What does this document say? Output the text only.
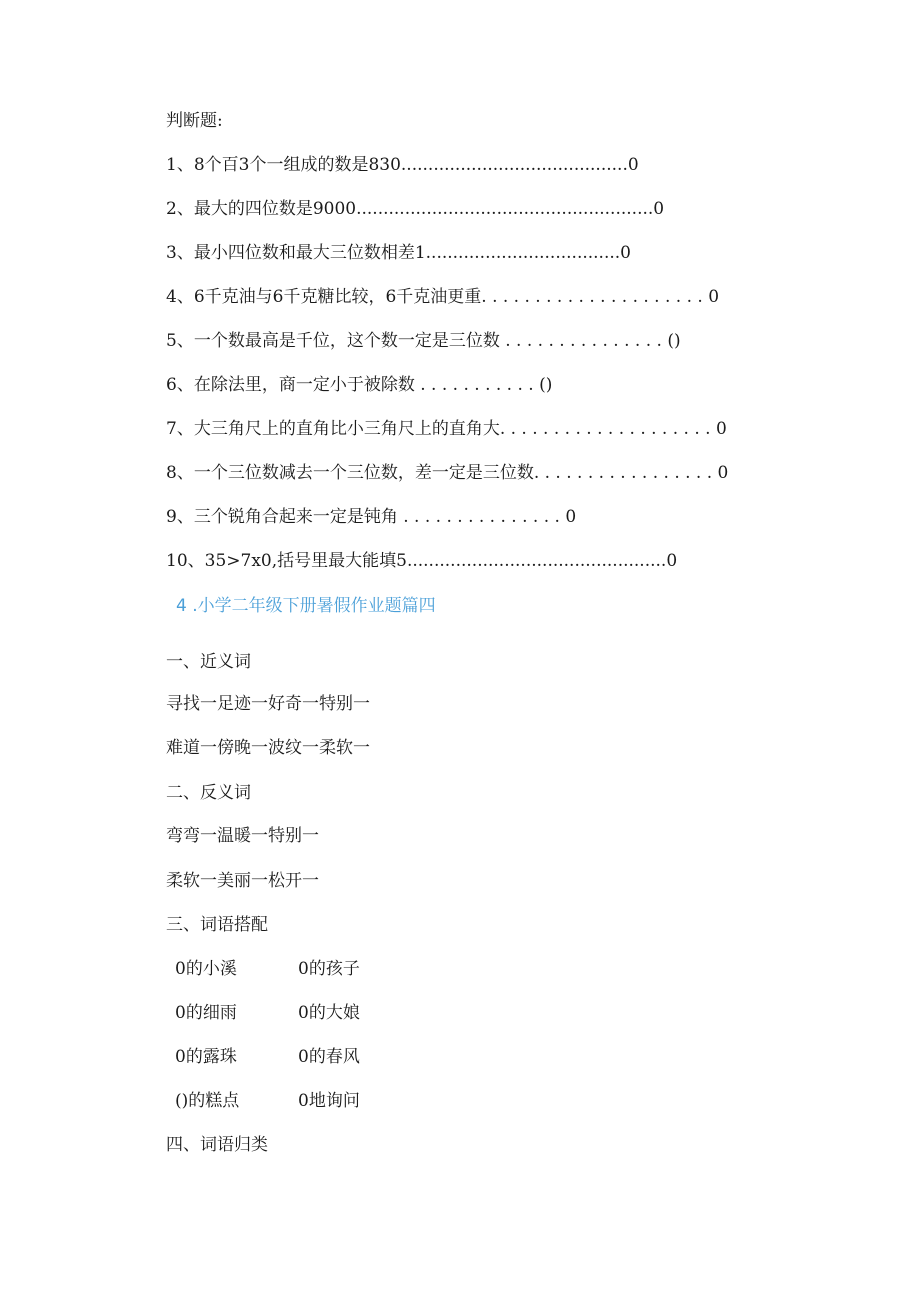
判断题:
1、8个百3个一组成的数是830..........................................0
2、最大的四位数是9000.......................................................0
3、最小四位数和最大三位数相差1....................................0
4、6千克油与6千克糖比较，6千克油更重. . . . . . . . . . . . . . . . . . . . . 0
5、一个数最高是千位，这个数一定是三位数 . . . . . . . . . . . . . . . ()
6、在除法里，商一定小于被除数 . . . . . . . . . . . ()
7、大三角尺上的直角比小三角尺上的直角大. . . . . . . . . . . . . . . . . . . . 0
8、一个三位数减去一个三位数，差一定是三位数. . . . . . . . . . . . . . . . . 0
9、三个锐角合起来一定是钝角 . . . . . . . . . . . . . . . 0
10、35>7x0,括号里最大能填5................................................0
4 .小学二年级下册暑假作业题篇四
一、近义词
寻找一足迹一好奇一特别一
难道一傍晚一波纹一柔软一
二、反义词
弯弯一温暖一特别一
柔软一美丽一松开一
三、词语搭配
0的小溪	0的孩子
0的细雨	0的大娘
0的露珠	0的春风
()的糕点	0地询问
四、词语归类
